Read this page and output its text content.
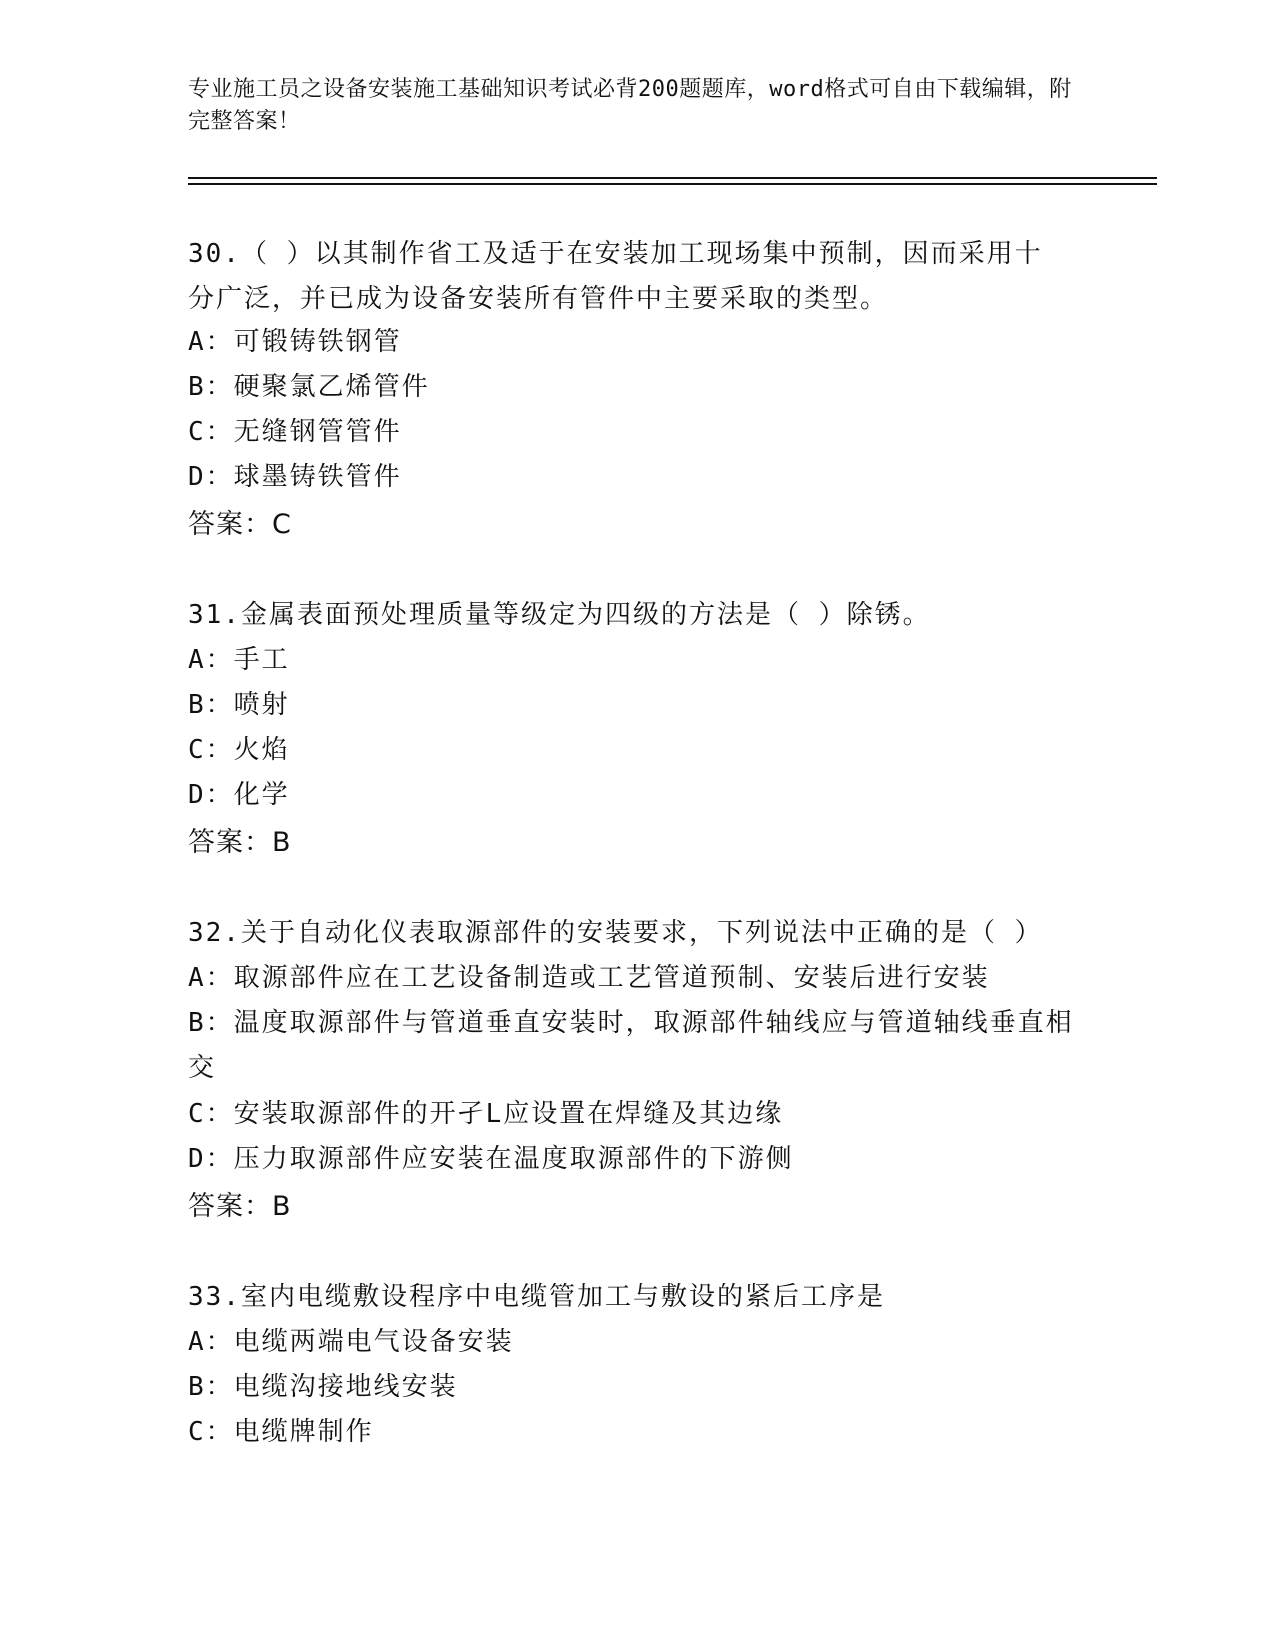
专业施工员之设备安装施工基础知识考试必背200题题库，word格式可自由下载编辑，附完整答案！
30.（ ）以其制作省工及适于在安装加工现场集中预制，因而采用十分广泛，并已成为设备安装所有管件中主要采取的类型。
A：可锻铸铁钢管
B：硬聚氯乙烯管件
C：无缝钢管管件
D：球墨铸铁管件
答案：C
31.金属表面预处理质量等级定为四级的方法是（ ）除锈。
A：手工
B：喷射
C：火焰
D：化学
答案：B
32.关于自动化仪表取源部件的安装要求，下列说法中正确的是（ ）
A：取源部件应在工艺设备制造或工艺管道预制、安装后进行安装
B：温度取源部件与管道垂直安装时，取源部件轴线应与管道轴线垂直相交
C：安装取源部件的开孑L应设置在焊缝及其边缘
D：压力取源部件应安装在温度取源部件的下游侧
答案：B
33.室内电缆敷设程序中电缆管加工与敷设的紧后工序是
A：电缆两端电气设备安装
B：电缆沟接地线安装
C：电缆牌制作
